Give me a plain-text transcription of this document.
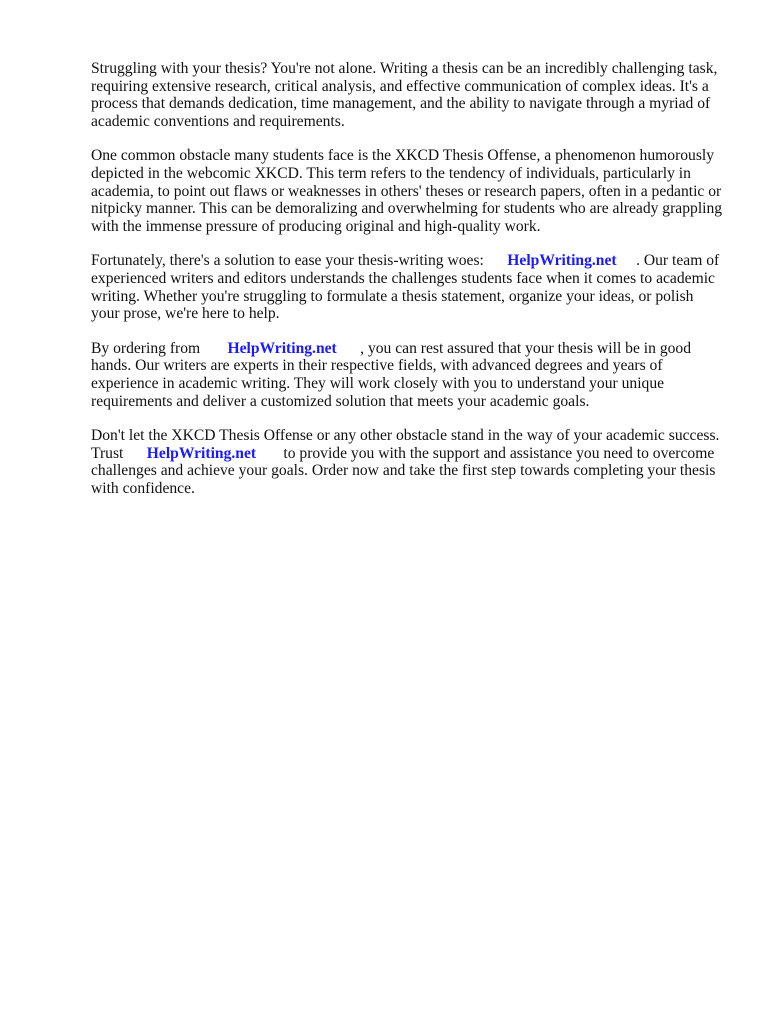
Struggling with your thesis? You're not alone. Writing a thesis can be an incredibly challenging task,
requiring extensive research, critical analysis, and effective communication of complex ideas. It's a
process that demands dedication, time management, and the ability to navigate through a myriad of
academic conventions and requirements.
One common obstacle many students face is the XKCD Thesis Offense, a phenomenon humorously
depicted in the webcomic XKCD. This term refers to the tendency of individuals, particularly in
academia, to point out flaws or weaknesses in others' theses or research papers, often in a pedantic or
nitpicky manner. This can be demoralizing and overwhelming for students who are already grappling
with the immense pressure of producing original and high-quality work.
Fortunately, there's a solution to ease your thesis-writing woes:      HelpWriting.net     . Our team of
experienced writers and editors understands the challenges students face when it comes to academic
writing. Whether you're struggling to formulate a thesis statement, organize your ideas, or polish
your prose, we're here to help.
By ordering from       HelpWriting.net      , you can rest assured that your thesis will be in good
hands. Our writers are experts in their respective fields, with advanced degrees and years of
experience in academic writing. They will work closely with you to understand your unique
requirements and deliver a customized solution that meets your academic goals.
Don't let the XKCD Thesis Offense or any other obstacle stand in the way of your academic success.
Trust      HelpWriting.net       to provide you with the support and assistance you need to overcome
challenges and achieve your goals. Order now and take the first step towards completing your thesis
with confidence.
